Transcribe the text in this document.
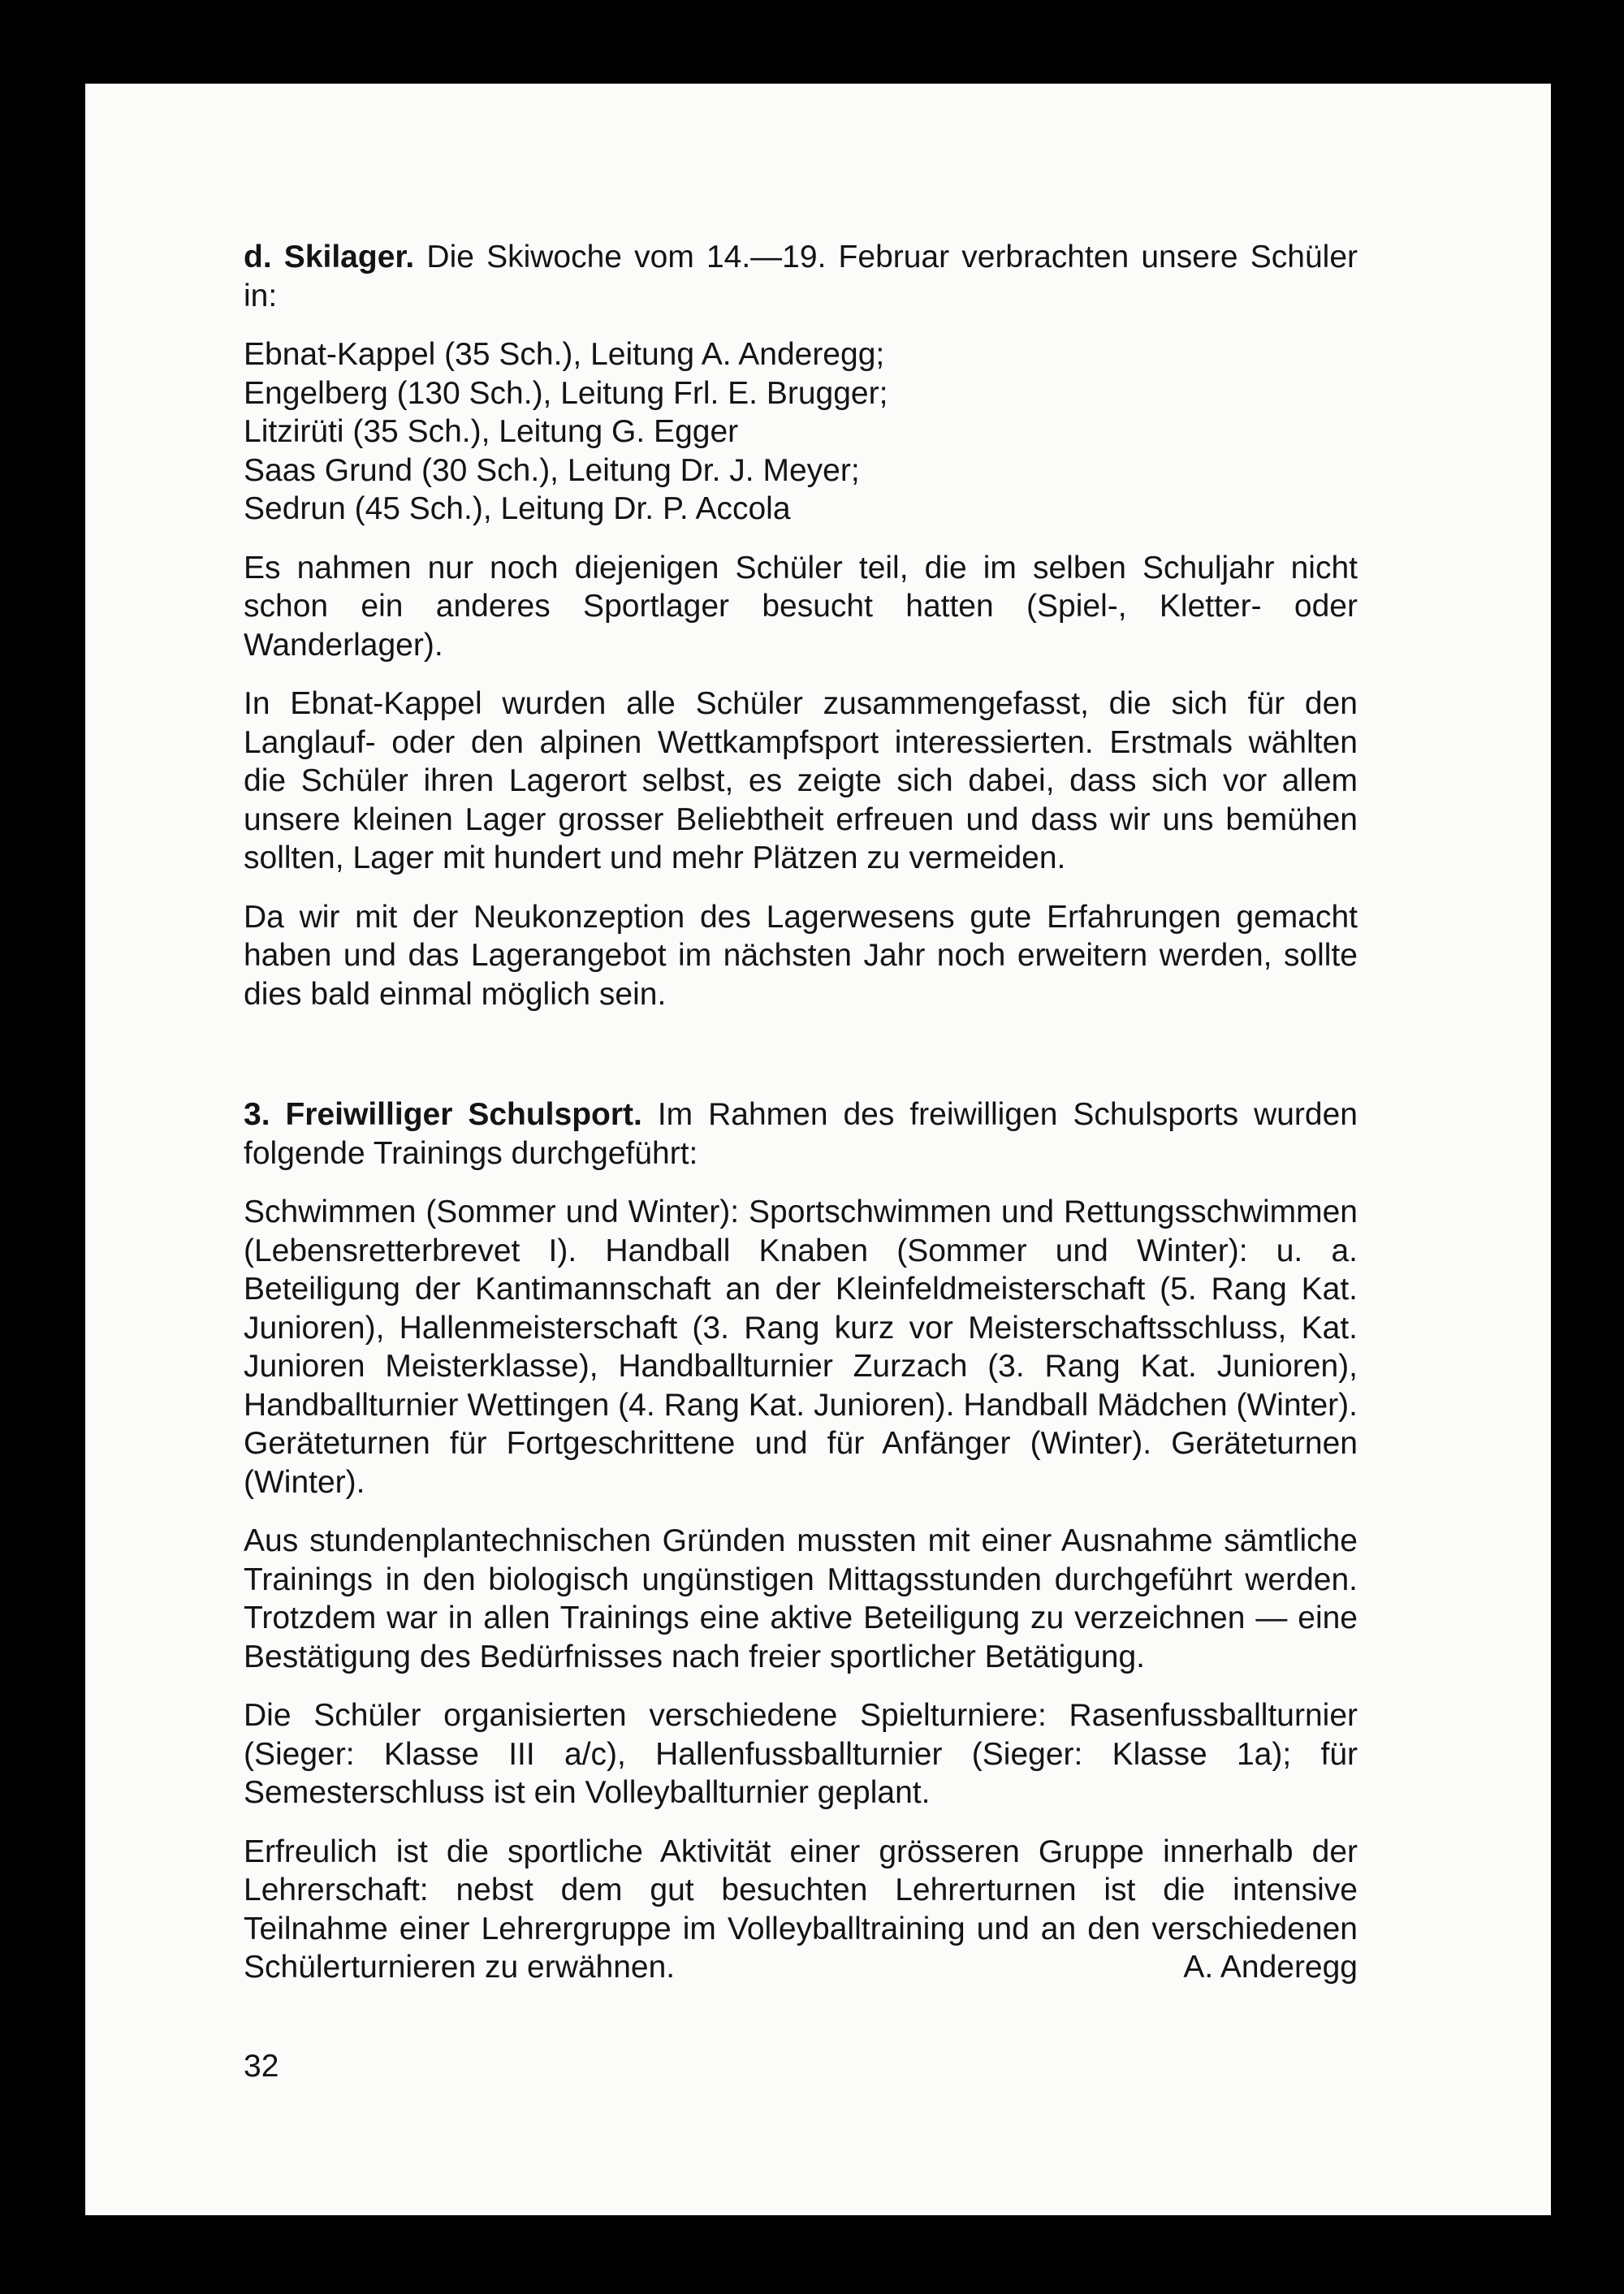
d. Skilager. Die Skiwoche vom 14.—19. Februar verbrachten unsere Schüler in:

Ebnat-Kappel (35 Sch.), Leitung A. Anderegg;
Engelberg (130 Sch.), Leitung Frl. E. Brugger;
Litzirüti (35 Sch.), Leitung G. Egger
Saas Grund (30 Sch.), Leitung Dr. J. Meyer;
Sedrun (45 Sch.), Leitung Dr. P. Accola

Es nahmen nur noch diejenigen Schüler teil, die im selben Schuljahr nicht schon ein anderes Sportlager besucht hatten (Spiel-, Kletter- oder Wanderlager).

In Ebnat-Kappel wurden alle Schüler zusammengefasst, die sich für den Langlauf- oder den alpinen Wettkampfsport interessierten. Erstmals wählten die Schüler ihren Lagerort selbst, es zeigte sich dabei, dass sich vor allem unsere kleinen Lager grosser Beliebtheit erfreuen und dass wir uns bemühen sollten, Lager mit hundert und mehr Plätzen zu vermeiden.

Da wir mit der Neukonzeption des Lagerwesens gute Erfahrungen gemacht haben und das Lagerangebot im nächsten Jahr noch erweitern werden, sollte dies bald einmal möglich sein.

3. Freiwilliger Schulsport. Im Rahmen des freiwilligen Schulsports wurden folgende Trainings durchgeführt:

Schwimmen (Sommer und Winter): Sportschwimmen und Rettungsschwimmen (Lebensretterbrevet I). Handball Knaben (Sommer und Winter): u. a. Beteiligung der Kantimannschaft an der Kleinfeldmeisterschaft (5. Rang Kat. Junioren), Hallenmeisterschaft (3. Rang kurz vor Meisterschaftsschluss, Kat. Junioren Meisterklasse), Handballturnier Zurzach (3. Rang Kat. Junioren), Handballturnier Wettingen (4. Rang Kat. Junioren). Handball Mädchen (Winter). Geräteturnen für Fortgeschrittene und für Anfänger (Winter). Geräteturnen (Winter).

Aus stundenplantechnischen Gründen mussten mit einer Ausnahme sämtliche Trainings in den biologisch ungünstigen Mittagsstunden durchgeführt werden. Trotzdem war in allen Trainings eine aktive Beteiligung zu verzeichnen — eine Bestätigung des Bedürfnisses nach freier sportlicher Betätigung.

Die Schüler organisierten verschiedene Spielturniere: Rasenfussballturnier (Sieger: Klasse III a/c), Hallenfussballturnier (Sieger: Klasse 1a); für Semesterschluss ist ein Volleyballturnier geplant.

Erfreulich ist die sportliche Aktivität einer grösseren Gruppe innerhalb der Lehrerschaft: nebst dem gut besuchten Lehrerturnen ist die intensive Teilnahme einer Lehrergruppe im Volleyballtraining und an den verschiedenen Schülerturnieren zu erwähnen.	A. Anderegg

32
